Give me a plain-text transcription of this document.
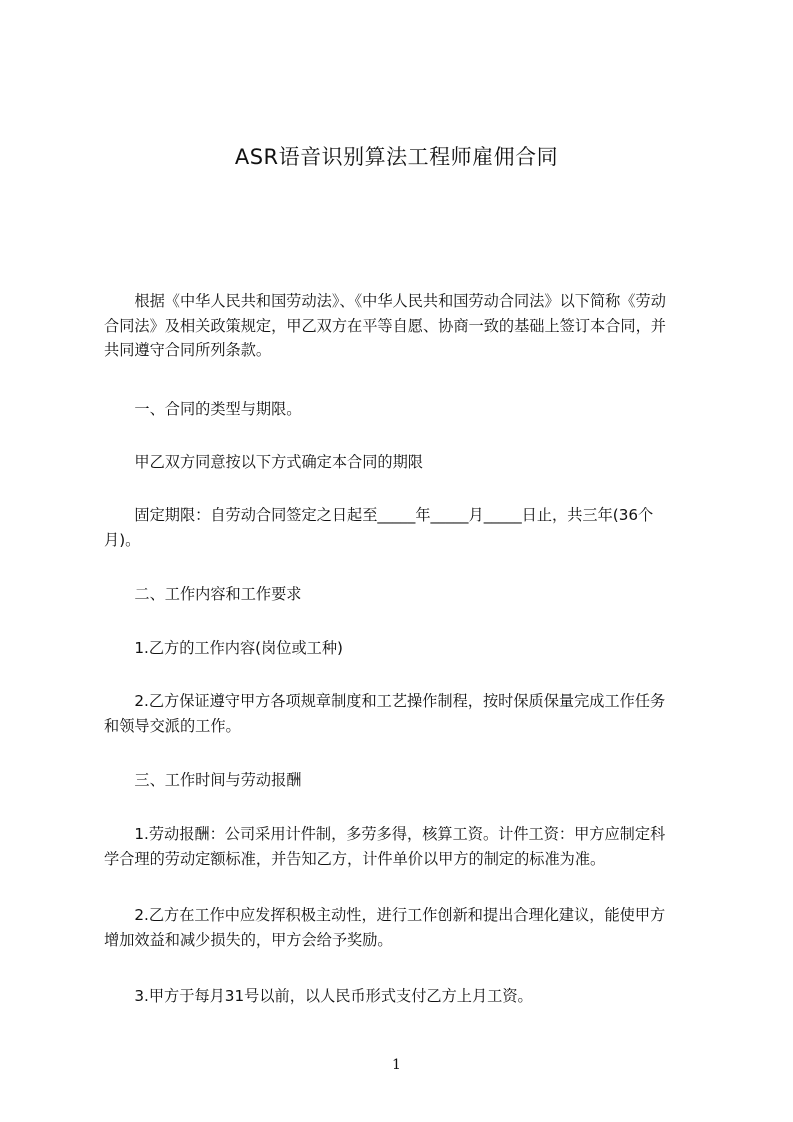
ASR语音识别算法工程师雇佣合同

　　根据《中华人民共和国劳动法》、《中华人民共和国劳动合同法》以下简称《劳动
合同法》及相关政策规定，甲乙双方在平等自愿、协商一致的基础上签订本合同，并
共同遵守合同所列条款。

　　一、合同的类型与期限。

　　甲乙双方同意按以下方式确定本合同的期限

　　固定期限：自劳动合同签定之日起至_____年_____月_____日止，共三年(36个
月)。

　　二、工作内容和工作要求

　　1.乙方的工作内容(岗位或工种)

　　2.乙方保证遵守甲方各项规章制度和工艺操作制程，按时保质保量完成工作任务
和领导交派的工作。

　　三、工作时间与劳动报酬

　　1.劳动报酬：公司采用计件制，多劳多得，核算工资。计件工资：甲方应制定科
学合理的劳动定额标准，并告知乙方，计件单价以甲方的制定的标准为准。

　　2.乙方在工作中应发挥积极主动性，进行工作创新和提出合理化建议，能使甲方
增加效益和减少损失的，甲方会给予奖励。

　　3.甲方于每月31号以前，以人民币形式支付乙方上月工资。

1
